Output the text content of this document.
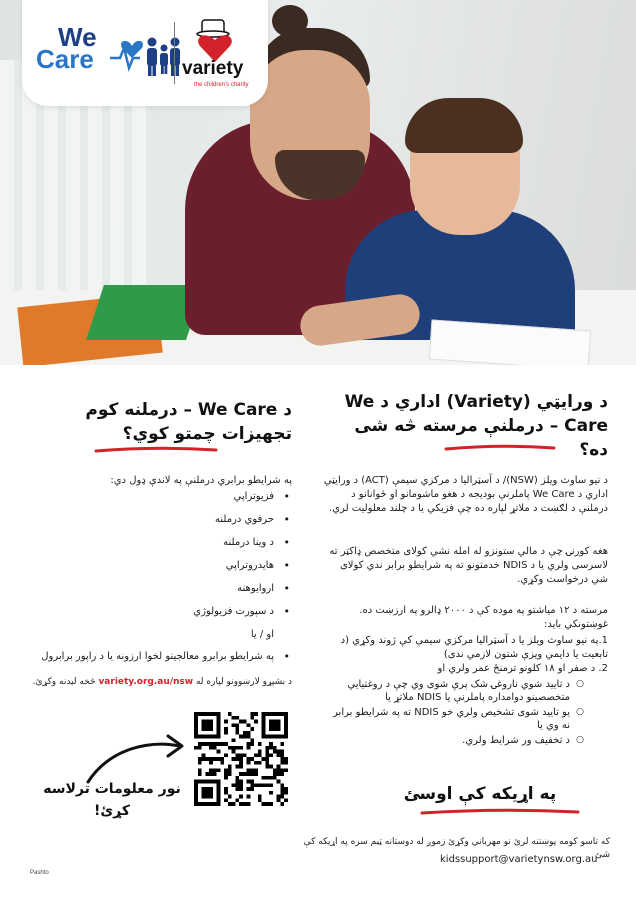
We
Care	variety
the children's charity
د ورايټي (Variety) اداري د We Care – درملنې مرسته څه شی ده؟
د نيو ساوث ويلز (NSW)/ د آسټراليا د مرکزي سيمې (ACT) د ورايټي اداري د We Care پاملرنې بوديجه د هغو ماشومانو او ځوانانو د درملنې د لګښت د ملاتړ لپاره ده چې فزيکي يا د چلند معلوليت لري.
هغه کورنۍ چې د مالي ستونزو له امله نشي کولای متخصص ډاکټر ته لاسرسی ولري يا د NDIS خدمتونو ته په شرايطو برابر ندي کولای شي درخواست وکړي.
مرسته د ۱۲ مياشتو په موده کې د ۲۰۰۰ ډالرو په ارزښت ده. غوښتونکي بايد:
1.په نيو ساوث ويلز يا د آسټراليا مرکزي سيمې کې ژوند وکړي (د تابعيت يا دايمي ويزې شتون لازمي ندی)
2. د صفر او ۱۸ کلونو ترمنځ عمر ولري او
○ د تاييد شوي ناروغۍ شک پرې شوی وي چې د روغتيايي متخصصينو دوامداره پاملرنې يا NDIS ملاتړ يا
○ يو تاييد شوی تشخيص ولري خو NDIS ته په شرايطو برابر نه وي يا
○ د تخفيف ور شرايط ولري.
په اړيکه کې اوسئ
که تاسو کومه پوښتنه لرئ نو مهرباني وکړئ زموږ له دوستانه ټيم سره په اړيکه کې شئ
kidssupport@varietynsw.org.au
د We Care – درملنه کوم تجهيزات چمتو کوي؟
په شرايطو برابري درملنې په لاندې ډول دي:
• فزيوتراپي
• حرفوي درملنه
• د وينا درملنه
• هايدروتراپي
• اروايوهنه
• د سپورت فزيولوژي
او / يا
• په شرايطو برابرو معالجينو لخوا ارزونه يا د راپور برابرول
د بشپړو لارښوونو لپاره له variety.org.au/nsw څخه ليدنه وکړئ.
نور معلومات ترلاسه کړئ!
Pashto
